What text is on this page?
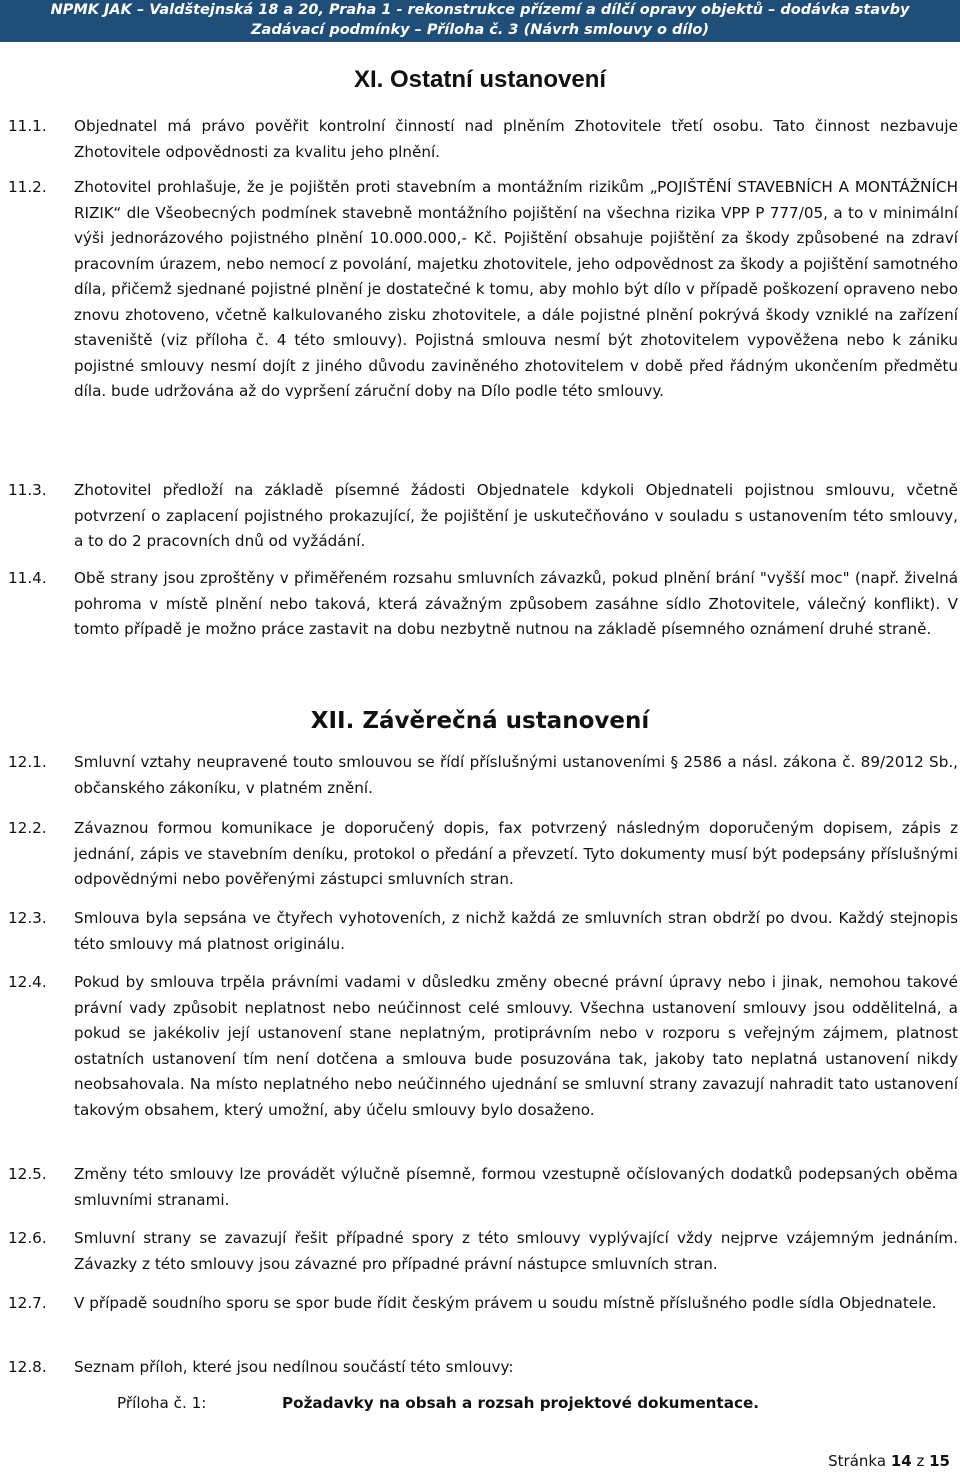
NPMK JAK – Valdštejnská 18 a 20, Praha 1 - rekonstrukce přízemí a dílčí opravy objektů – dodávka stavby
Zadávací podmínky – Příloha č. 3 (Návrh smlouvy o dílo)
XI. Ostatní ustanovení
11.1.	Objednatel má právo pověřit kontrolní činností nad plněním Zhotovitele třetí osobu. Tato činnost nezbavuje Zhotovitele odpovědnosti za kvalitu jeho plnění.
11.2.	Zhotovitel prohlašuje, že je pojištěn proti stavebním a montážním rizikům „POJIŠTĚNÍ STAVEBNÍCH A MONTÁŽNÍCH RIZIK“ dle Všeobecných podmínek stavebně montážního pojištění na všechna rizika VPP P 777/05, a to v minimální výši jednorázového pojistného plnění 10.000.000,- Kč. Pojištění obsahuje pojištění za škody způsobené na zdraví pracovním úrazem, nebo nemocí z povolání, majetku zhotovitele, jeho odpovědnost za škody a pojištění samotného díla, přičemž sjednané pojistné plnění je dostatečné k tomu, aby mohlo být dílo v případě poškození opraveno nebo znovu zhotoveno, včetně kalkulovaného zisku zhotovitele, a dále pojistné plnění pokrývá škody vzniklé na zařízení staveniště (viz příloha č. 4 této smlouvy). Pojistná smlouva nesmí být zhotovitelem vypověžena nebo k zániku pojistné smlouvy nesmí dojít z jiného důvodu zaviněného zhotovitelem v době před řádným ukončením předmětu díla. bude udržována až do vypršení záruční doby na Dílo podle této smlouvy.
11.3.	Zhotovitel předloží na základě písemné žádosti Objednatele kdykoli Objednateli pojistnou smlouvu, včetně potvrzení o zaplacení pojistného prokazující, že pojištění je uskutečňováno v souladu s ustanovením této smlouvy, a to do 2 pracovních dnů od vyžádání.
11.4.	Obě strany jsou zproštěny v přiměřeném rozsahu smluvních závazků, pokud plnění brání "vyšší moc" (např. živelná pohroma v místě plnění nebo taková, která závažným způsobem zasáhne sídlo Zhotovitele, válečný konflikt). V tomto případě je možno práce zastavit na dobu nezbytně nutnou na základě písemného oznámení druhé straně.
XII. Závěrečná ustanovení
12.1.	Smluvní vztahy neupravené touto smlouvou se řídí příslušnými ustanoveními § 2586 a násl. zákona č. 89/2012 Sb., občanského zákoníku, v platném znění.
12.2.	Závaznou formou komunikace je doporučený dopis, fax potvrzený následným doporučeným dopisem, zápis z jednání, zápis ve stavebním deníku, protokol o předání a převzetí. Tyto dokumenty musí být podepsány příslušnými odpovědnými nebo pověřenými zástupci smluvních stran.
12.3.	Smlouva byla sepsána ve čtyřech vyhotoveních, z nichž každá ze smluvních stran obdrží po dvou. Každý stejnopis této smlouvy má platnost originálu.
12.4.	Pokud by smlouva trpěla právními vadami v důsledku změny obecné právní úpravy nebo i jinak, nemohou takové právní vady způsobit neplatnost nebo neúčinnost celé smlouvy. Všechna ustanovení smlouvy jsou oddělitelná, a pokud se jakékoliv její ustanovení stane neplatným, protiprávním nebo v rozporu s veřejným zájmem, platnost ostatních ustanovení tím není dotčena a smlouva bude posuzována tak, jakoby tato neplatná ustanovení nikdy neobsahovala. Na místo neplatného nebo neúčinného ujednání se smluvní strany zavazují nahradit tato ustanovení takovým obsahem, který umožní, aby účelu smlouvy bylo dosaženo.
12.5.	Změny této smlouvy lze provádět výlučně písemně, formou vzestupně očíslovaných dodatků podepsaných oběma smluvními stranami.
12.6.	Smluvní strany se zavazují řešit případné spory z této smlouvy vyplývající vždy nejprve vzájemným jednáním. Závazky z této smlouvy jsou závazné pro případné právní nástupce smluvních stran.
12.7.	V případě soudního sporu se spor bude řídit českým právem u soudu místně příslušného podle sídla Objednatele.
12.8.	Seznam příloh, které jsou nedílnou součástí této smlouvy:
Příloha č. 1:	Požadavky na obsah a rozsah projektové dokumentace.
Stránka 14 z 15
